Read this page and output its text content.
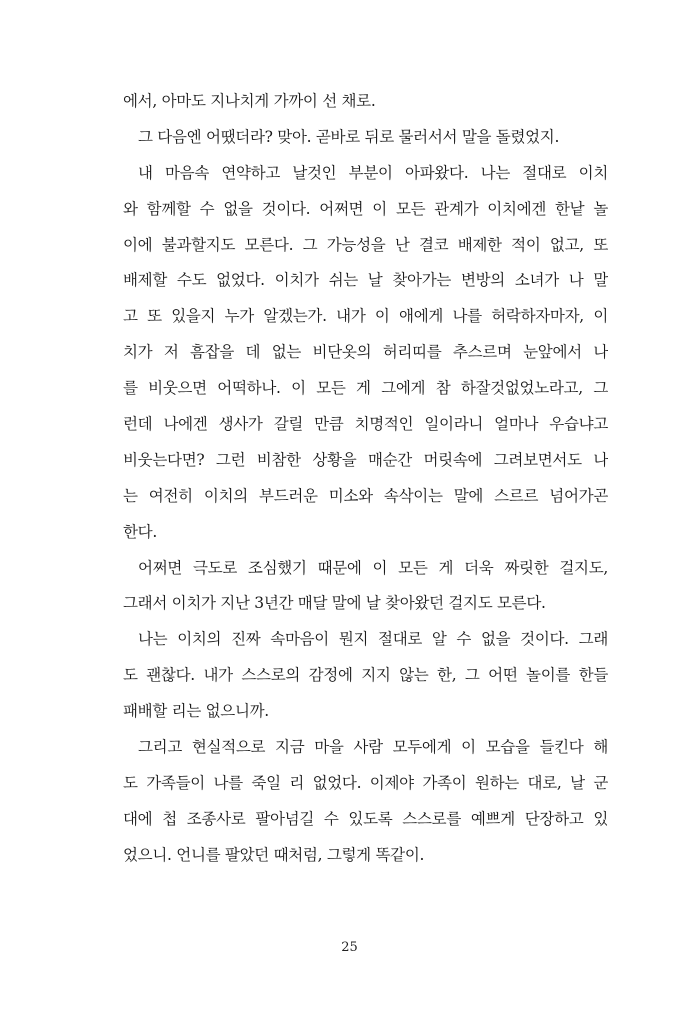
에서, 아마도 지나치게 가까이 선 채로.
그 다음엔 어땠더라? 맞아. 곧바로 뒤로 물러서서 말을 돌렸었지.
내 마음속 연약하고 날것인 부분이 아파왔다. 나는 절대로 이치
와 함께할 수 없을 것이다. 어쩌면 이 모든 관계가 이치에겐 한낱 놀
이에 불과할지도 모른다. 그 가능성을 난 결코 배제한 적이 없고, 또
배제할 수도 없었다. 이치가 쉬는 날 찾아가는 변방의 소녀가 나 말
고 또 있을지 누가 알겠는가. 내가 이 애에게 나를 허락하자마자, 이
치가 저 흠잡을 데 없는 비단옷의 허리띠를 추스르며 눈앞에서 나
를 비웃으면 어떡하나. 이 모든 게 그에게 참 하잘것없었노라고, 그
런데 나에겐 생사가 갈릴 만큼 치명적인 일이라니 얼마나 우습냐고
비웃는다면? 그런 비참한 상황을 매순간 머릿속에 그려보면서도 나
는 여전히 이치의 부드러운 미소와 속삭이는 말에 스르르 넘어가곤
한다.
어쩌면 극도로 조심했기 때문에 이 모든 게 더욱 짜릿한 걸지도,
그래서 이치가 지난 3년간 매달 말에 날 찾아왔던 걸지도 모른다.
나는 이치의 진짜 속마음이 뭔지 절대로 알 수 없을 것이다. 그래
도 괜찮다. 내가 스스로의 감정에 지지 않는 한, 그 어떤 놀이를 한들
패배할 리는 없으니까.
그리고 현실적으로 지금 마을 사람 모두에게 이 모습을 들킨다 해
도 가족들이 나를 죽일 리 없었다. 이제야 가족이 원하는 대로, 날 군
대에 첩 조종사로 팔아넘길 수 있도록 스스로를 예쁘게 단장하고 있
었으니. 언니를 팔았던 때처럼, 그렇게 똑같이.
25
